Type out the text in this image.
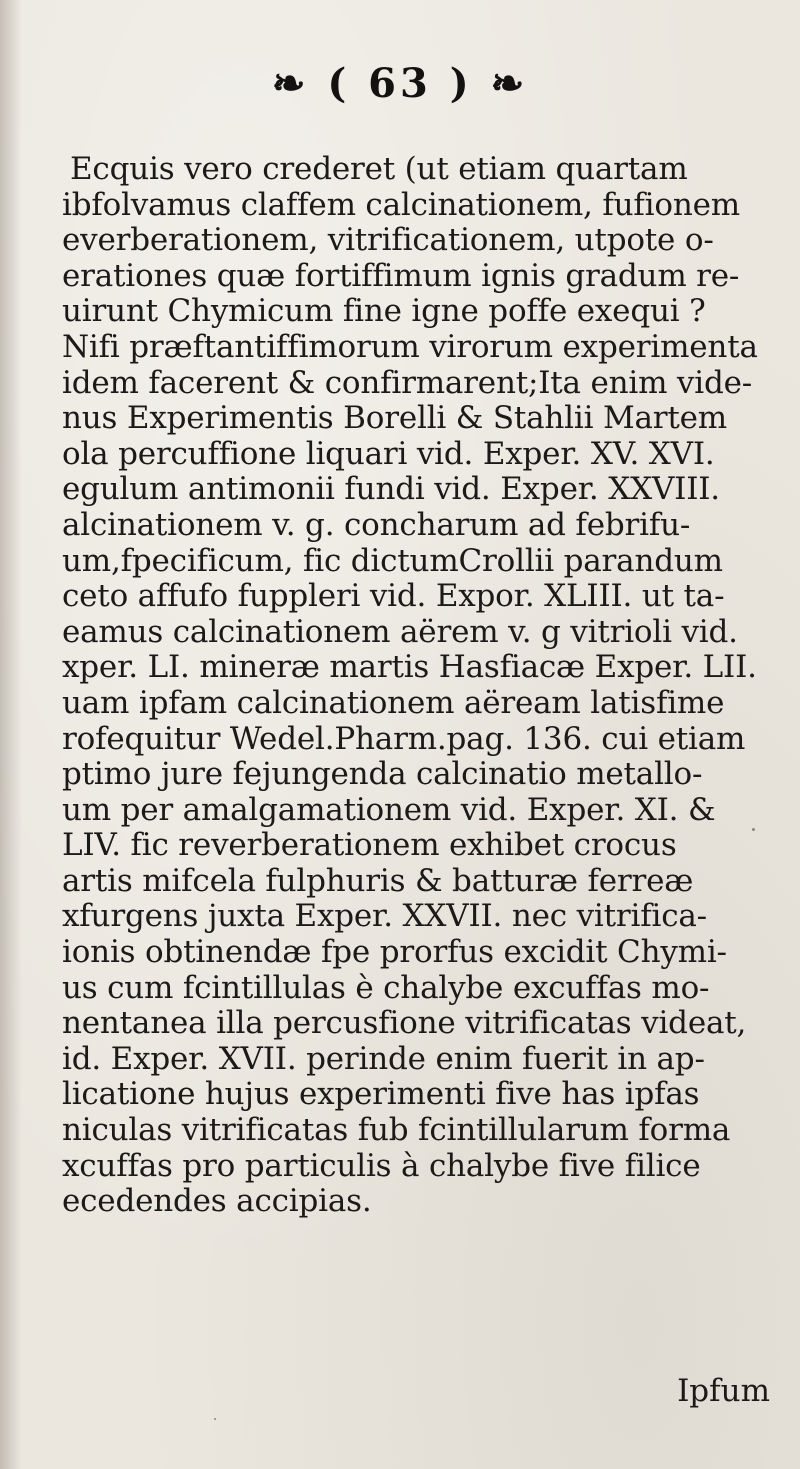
❧ ( 63 ) ❧
Ecquis vero crederet (ut etiam quartam
ibfolvamus claffem calcinationem, fufionem
everberationem, vitrificationem, utpote o-
erationes quæ fortiffimum ignis gradum re-
uirunt Chymicum fine igne poffe exequi ?
Nifi præftantiffimorum virorum experimenta
idem facerent & confirmarent;Ita enim vide-
nus Experimentis Borelli & Stahlii Martem
ola percuffione liquari vid. Exper. XV. XVI.
egulum antimonii fundi vid. Exper. XXVIII.
alcinationem v. g. concharum ad febrifu-
um,fpecificum, fic dictumCrollii parandum
ceto affufo fuppleri vid. Expor. XLIII. ut ta-
eamus calcinationem aërem v. g vitrioli vid.
xper. LI. mineræ martis Hasfiacæ Exper. LII.
uam ipfam calcinationem aëream latisfime
rofequitur Wedel.Pharm.pag. 136. cui etiam
ptimo jure fejungenda calcinatio metallo-
um per amalgamationem vid. Exper. XI. &
LIV. fic reverberationem exhibet crocus
artis mifcela fulphuris & batturæ ferreæ
xfurgens juxta Exper. XXVII. nec vitrifica-
ionis obtinendæ fpe prorfus excidit Chymi-
us cum fcintillulas è chalybe excuffas mo-
nentanea illa percusfione vitrificatas videat,
id. Exper. XVII. perinde enim fuerit in ap-
licatione hujus experimenti five has ipfas
niculas vitrificatas fub fcintillularum forma
xcuffas pro particulis à chalybe five filice
ecedendes accipias.
Ipfum
